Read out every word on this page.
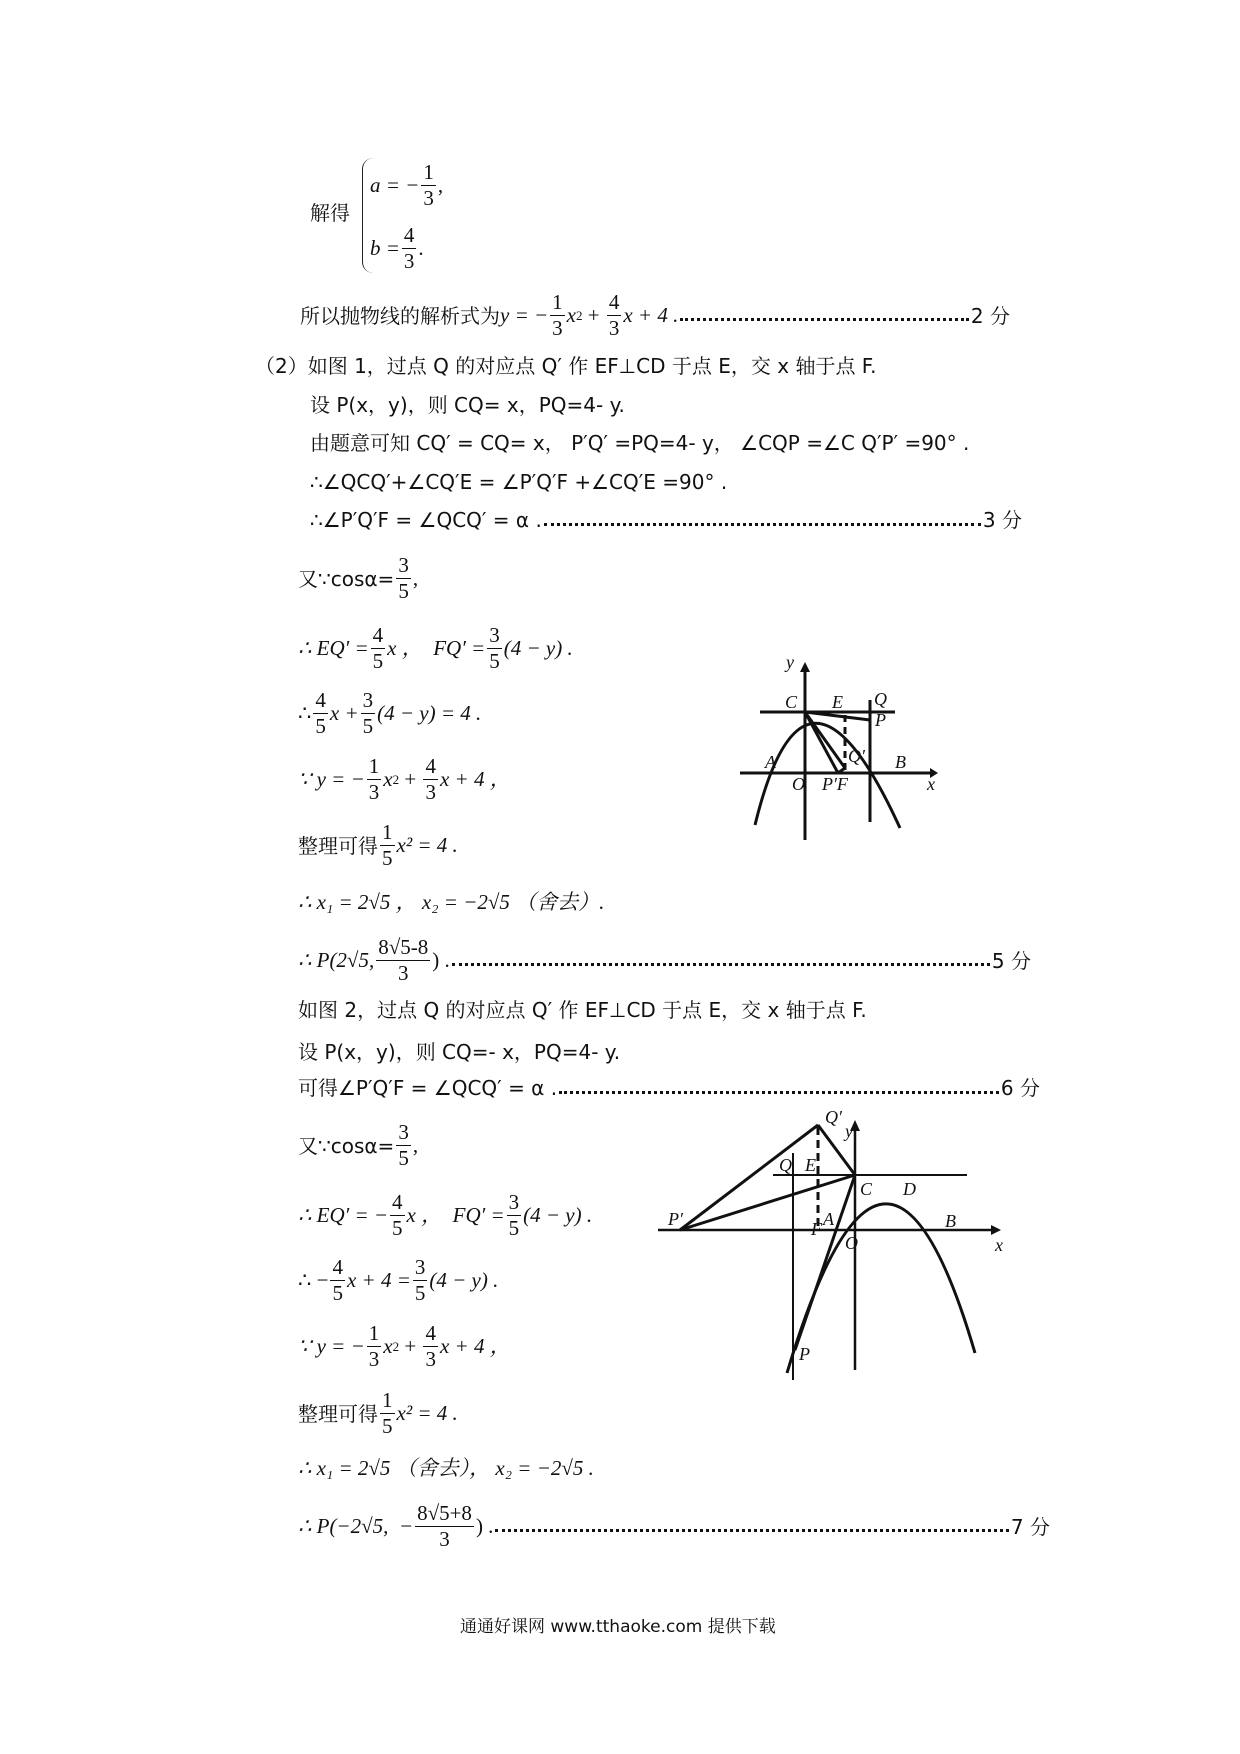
解得
a = − $\frac{1}{3}$ ,
$b = \frac{4}{3}$ .
所以抛物线的解析式为 y = − $\frac{1}{3}$ x $2 + \frac{4}{3}$ x + 4 .	2 分
（2）如图 1，过点 Q 的对应点 Q′ 作 EF⊥CD 于点 E，交 x 轴于点 F.
设 P(x，y)，则 CQ= x，PQ=4- y.
由题意可知 CQ′ = CQ= x， P′Q′ =PQ=4- y， ∠CQP =∠C Q′P′ =90° .
∴∠QCQ′+∠CQ′E = ∠P′Q′F +∠CQ′E =90° .
∴∠P′Q′F = ∠QCQ′ = α .	3 分
又∵cosα= $\frac{3}{5}$ ,
∴ $EQ' = \frac{4}{5}$ x ，  $FQ' = \frac{3}{5} (4 - y)$ .
∴ $\frac{4}{5}$ $x + \frac{3}{5} (4 - y) = 4$ .
∵ y = − $\frac{1}{3}$ x $2 + \frac{4}{3}$ x + 4 ，
整理可得 $\frac{1}{5} x^2 = 4$ .
∴ x₁ = 2√5 ， x₂ = −2√5 （舍去）.
∴ P(2√5, $\frac{8√5-8}{3}$ ) .	5 分
y
x
C E Q
P
Q′
A	B
O P′F
如图 2，过点 Q 的对应点 Q′ 作 EF⊥CD 于点 E，交 x 轴于点 F.
设 P(x，y)，则 CQ=- x，PQ=4- y.
可得∠P′Q′F = ∠QCQ′ = α .	6 分
又∵cosα= $\frac{3}{5}$ ,
∴ EQ′ = − $\frac{4}{5}$ x ，  $FQ' = \frac{3}{5} (4 - y)$ .
∴ − $\frac{4}{5}$ $x + 4 = \frac{3}{5} (4 - y)$ .
∵ y = − $\frac{1}{3}$ x $2 + \frac{4}{3}$ x + 4 ，
整理可得 $\frac{1}{5} x^2 = 4$ .
∴ x₁ = 2√5 （舍去）， x₂ = −2√5 .
∴ P(−2√5,  − $\frac{8√5+8}{3}$ ) .	7 分
Q′
y
Q E
C D
P′	A
F	B
O	x
P
通通好课网 www.tthaoke.com 提供下载
